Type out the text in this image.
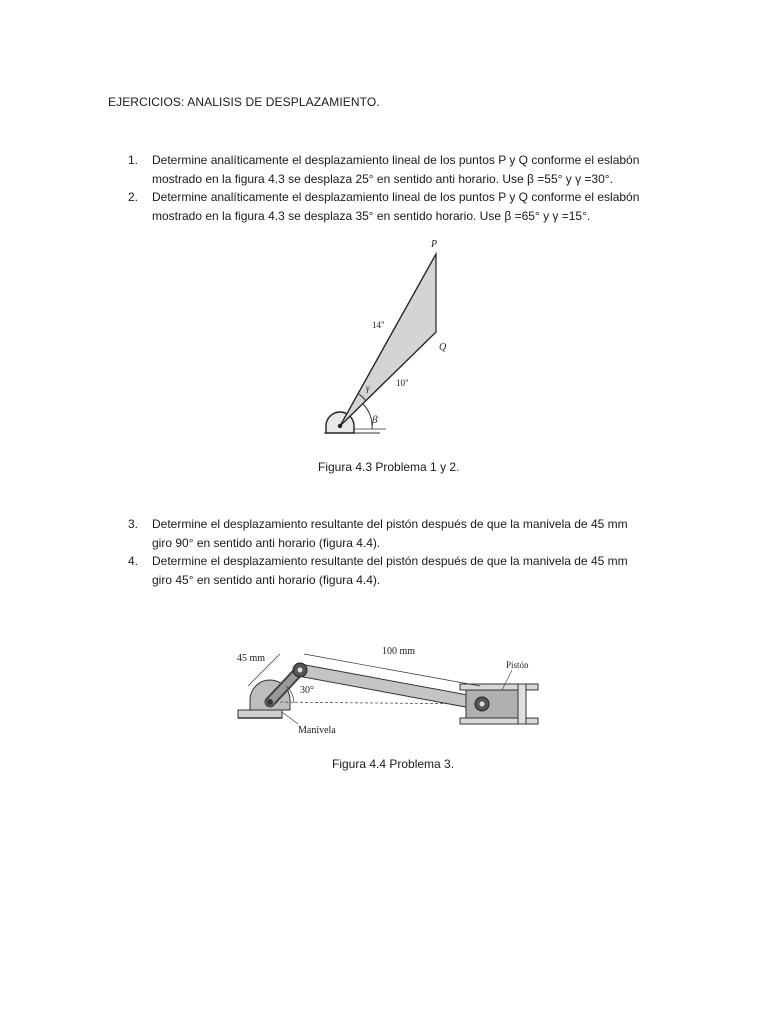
EJERCICIOS: ANALISIS DE DESPLAZAMIENTO.
1. Determine analíticamente el desplazamiento lineal de los puntos P y Q conforme el eslabón
mostrado en la figura 4.3 se desplaza 25° en sentido anti horario. Use β =55° y γ =30°.
2. Determine analíticamente el desplazamiento lineal de los puntos P y Q conforme el eslabón
mostrado en la figura 4.3 se desplaza 35° en sentido horario. Use β =65° y γ =15°.
P
Q
14"
10"
γ
β
Figura 4.3 Problema 1 y 2.
3. Determine el desplazamiento resultante del pistón después de que la manivela de 45 mm
giro 90° en sentido anti horario (figura 4.4).
4. Determine el desplazamiento resultante del pistón después de que la manivela de 45 mm
giro 45° en sentido anti horario (figura 4.4).
45 mm
100 mm
30°
Pistón
Manivela
Figura 4.4 Problema 3.
